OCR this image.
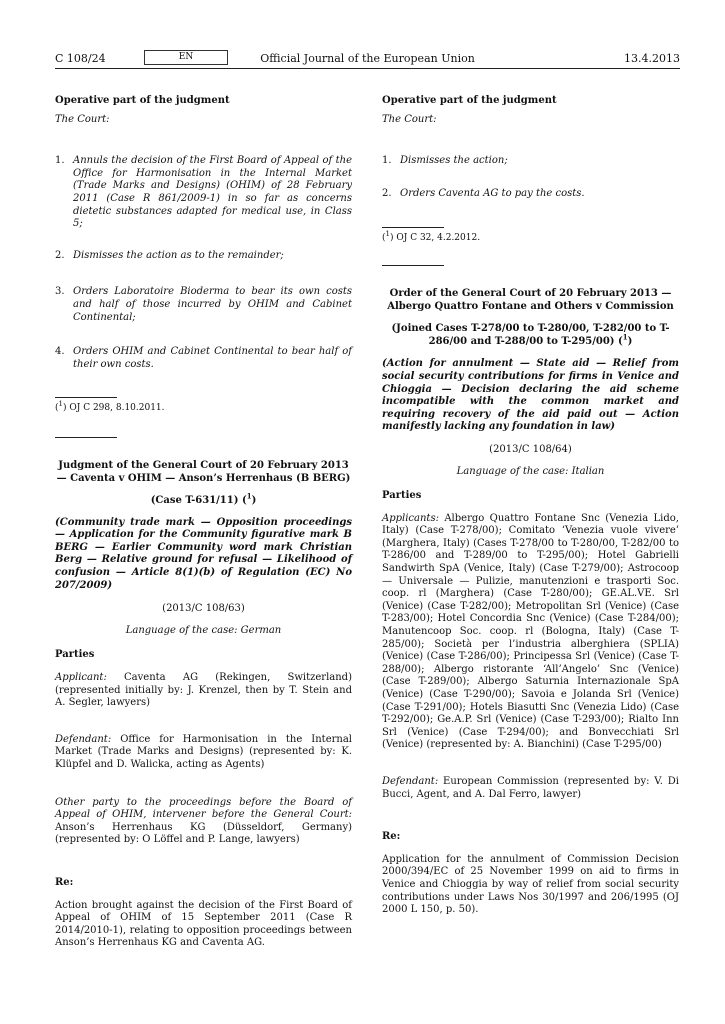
C 108/24	EN	Official Journal of the European Union	13.4.2013
Operative part of the judgment
The Court:
1. Annuls the decision of the First Board of Appeal of the Office for Harmonisation in the Internal Market (Trade Marks and Designs) (OHIM) of 28 February 2011 (Case R 861/2009-1) in so far as concerns dietetic substances adapted for medical use, in Class 5;
2. Dismisses the action as to the remainder;
3. Orders Laboratoire Bioderma to bear its own costs and half of those incurred by OHIM and Cabinet Continental;
4. Orders OHIM and Cabinet Continental to bear half of their own costs.
($^1$) OJ C 298, 8.10.2011.
Judgment of the General Court of 20 February 2013 — Caventa v OHIM — Anson’s Herrenhaus (B BERG)
(Case T-631/11) ($^1$)
(Community trade mark — Opposition proceedings — Application for the Community figurative mark B BERG — Earlier Community word mark Christian Berg — Relative ground for refusal — Likelihood of confusion — Article 8(1)(b) of Regulation (EC) No 207/2009)
(2013/C 108/63)
Language of the case: German
Parties
Applicant: Caventa AG (Rekingen, Switzerland) (represented initially by: J. Krenzel, then by T. Stein and A. Segler, lawyers)
Defendant: Office for Harmonisation in the Internal Market (Trade Marks and Designs) (represented by: K. Klüpfel and D. Walicka, acting as Agents)
Other party to the proceedings before the Board of Appeal of OHIM, intervener before the General Court: Anson’s Herrenhaus KG (Düsseldorf, Germany) (represented by: O Löffel and P. Lange, lawyers)
Re:
Action brought against the decision of the First Board of Appeal of OHIM of 15 September 2011 (Case R 2014/2010-1), relating to opposition proceedings between Anson’s Herrenhaus KG and Caventa AG.
Operative part of the judgment
The Court:
1. Dismisses the action;
2. Orders Caventa AG to pay the costs.
($^1$) OJ C 32, 4.2.2012.
Order of the General Court of 20 February 2013 — Albergo Quattro Fontane and Others v Commission
(Joined Cases T-278/00 to T-280/00, T-282/00 to T-286/00 and T-288/00 to T-295/00) ($^1$)
(Action for annulment — State aid — Relief from social security contributions for firms in Venice and Chioggia — Decision declaring the aid scheme incompatible with the common market and requiring recovery of the aid paid out — Action manifestly lacking any foundation in law)
(2013/C 108/64)
Language of the case: Italian
Parties
Applicants: Albergo Quattro Fontane Snc (Venezia Lido, Italy) (Case T-278/00); Comitato ‘Venezia vuole vivere’ (Marghera, Italy) (Cases T-278/00 to T-280/00, T-282/00 to T-286/00 and T-289/00 to T-295/00); Hotel Gabrielli Sandwirth SpA (Venice, Italy) (Case T-279/00); Astrocoop — Universale — Pulizie, manutenzioni e trasporti Soc. coop. rl (Marghera) (Case T-280/00); GE.AL.VE. Srl (Venice) (Case T-282/00); Metropolitan Srl (Venice) (Case T-283/00); Hotel Concordia Snc (Venice) (Case T-284/00); Manutencoop Soc. coop. rl (Bologna, Italy) (Case T-285/00); Società per l’industria alberghiera (SPLIA) (Venice) (Case T-286/00); Principessa Srl (Venice) (Case T-288/00); Albergo ristorante ‘All’Angelo’ Snc (Venice) (Case T-289/00); Albergo Saturnia Internazionale SpA (Venice) (Case T-290/00); Savoia e Jolanda Srl (Venice) (Case T-291/00); Hotels Biasutti Snc (Venezia Lido) (Case T-292/00); Ge.A.P. Srl (Venice) (Case T-293/00); Rialto Inn Srl (Venice) (Case T-294/00); and Bonvecchiati Srl (Venice) (represented by: A. Bianchini) (Case T-295/00)
Defendant: European Commission (represented by: V. Di Bucci, Agent, and A. Dal Ferro, lawyer)
Re:
Application for the annulment of Commission Decision 2000/394/EC of 25 November 1999 on aid to firms in Venice and Chioggia by way of relief from social security contributions under Laws Nos 30/1997 and 206/1995 (OJ 2000 L 150, p. 50).
